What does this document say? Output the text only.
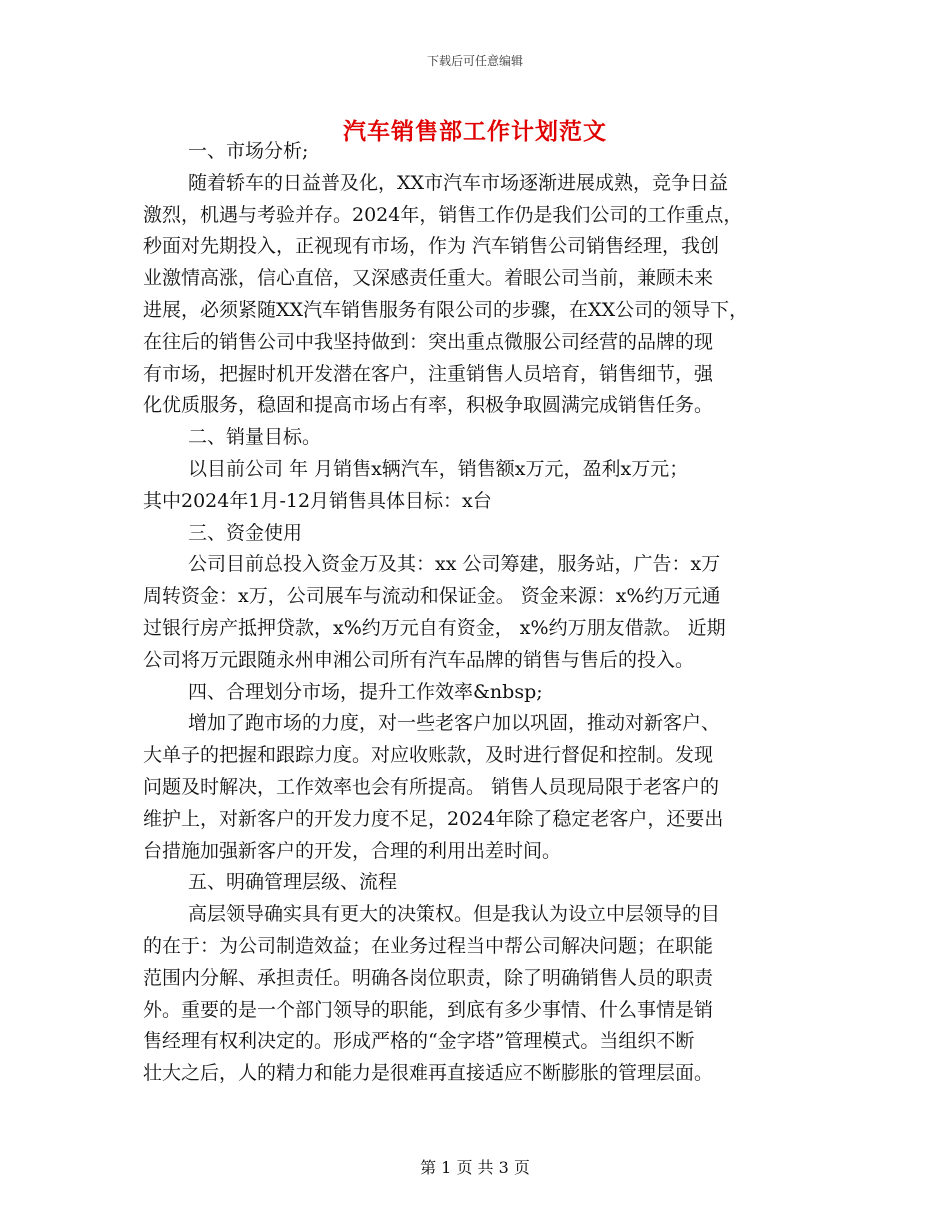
下载后可任意编辑
汽车销售部工作计划范文
一、市场分析;
随着轿车的日益普及化，XX市汽车市场逐渐进展成熟，竞争日益
激烈，机遇与考验并存。2024年，销售工作仍是我们公司的工作重点，
秒面对先期投入，正视现有市场，作为 汽车销售公司销售经理，我创
业激情高涨，信心直倍，又深感责任重大。着眼公司当前，兼顾未来
进展，必须紧随XX汽车销售服务有限公司的步骤，在XX公司的领导下，
在往后的销售公司中我坚持做到：突出重点微服公司经营的品牌的现
有市场，把握时机开发潜在客户，注重销售人员培育，销售细节，强
化优质服务，稳固和提高市场占有率，积极争取圆满完成销售任务。
二、销量目标。
以目前公司 年 月销售x辆汽车，销售额x万元，盈利x万元；
其中2024年1月-12月销售具体目标：x台
三、资金使用
公司目前总投入资金万及其：xx 公司筹建，服务站，广告：x万
周转资金：x万，公司展车与流动和保证金。 资金来源：x%约万元通
过银行房产抵押贷款，x%约万元自有资金， x%约万朋友借款。 近期
公司将万元跟随永州申湘公司所有汽车品牌的销售与售后的投入。
四、合理划分市场，提升工作效率&nbsp;
增加了跑市场的力度，对一些老客户加以巩固，推动对新客户、
大单子的把握和跟踪力度。对应收账款，及时进行督促和控制。发现
问题及时解决，工作效率也会有所提高。 销售人员现局限于老客户的
维护上，对新客户的开发力度不足，2024年除了稳定老客户，还要出
台措施加强新客户的开发，合理的利用出差时间。
五、明确管理层级、流程
高层领导确实具有更大的决策权。但是我认为设立中层领导的目
的在于：为公司制造效益；在业务过程当中帮公司解决问题；在职能
范围内分解、承担责任。明确各岗位职责，除了明确销售人员的职责
外。重要的是一个部门领导的职能，到底有多少事情、什么事情是销
售经理有权利决定的。形成严格的“金字塔”管理模式。当组织不断
壮大之后，人的精力和能力是很难再直接适应不断膨胀的管理层面。
第 1 页 共 3 页
